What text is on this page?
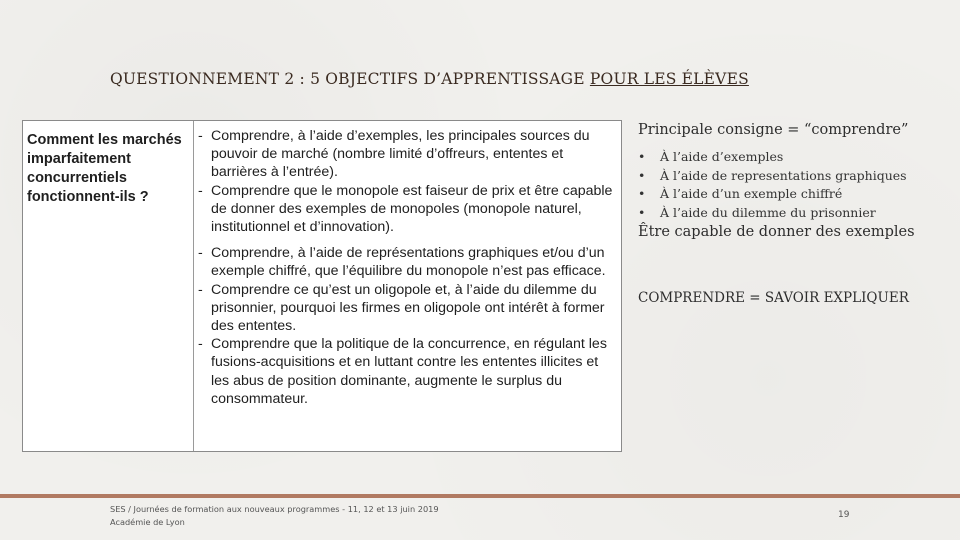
QUESTIONNEMENT 2 : 5 OBJECTIFS D’APPRENTISSAGE POUR LES ÉLÈVES
Comment les marchés imparfaitement concurrentiels fonctionnent-ils ?
- Comprendre, à l’aide d’exemples, les principales sources du pouvoir de marché (nombre limité d’offreurs, ententes et barrières à l’entrée).
- Comprendre que le monopole est faiseur de prix et être capable de donner des exemples de monopoles (monopole naturel, institutionnel et d’innovation).
- Comprendre, à l’aide de représentations graphiques et/ou d’un exemple chiffré, que l’équilibre du monopole n’est pas efficace.
- Comprendre ce qu’est un oligopole et, à l’aide du dilemme du prisonnier, pourquoi les firmes en oligopole ont intérêt à former des ententes.
- Comprendre que la politique de la concurrence, en régulant les fusions-acquisitions et en luttant contre les ententes illicites et les abus de position dominante, augmente le surplus du consommateur.
Principale consigne = “comprendre”
• À l’aide d’exemples
• À l’aide de representations graphiques
• À l’aide d’un exemple chiffré
• À l’aide du dilemme du prisonnier
Être capable de donner des exemples
COMPRENDRE = SAVOIR EXPLIQUER
SES / Journées de formation aux nouveaux programmes - 11, 12 et 13 juin 2019
Académie de Lyon
19
